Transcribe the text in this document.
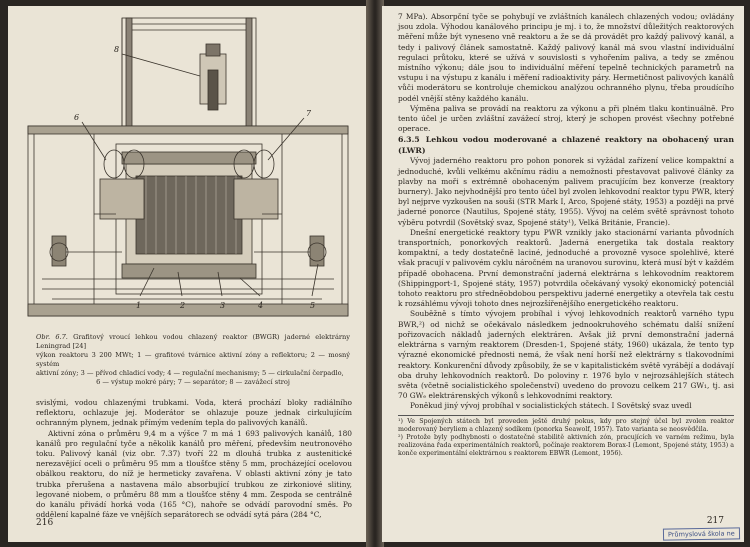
8
6	7
1	2	3	4	5
Obr. 6.7. Grafitový vroucí lehkou vodou chlazený reaktor (BWGR) jaderné elektrárny Leningrad [24]
výkon reaktoru 3 200 MWt; 1 — grafitové tvárnice aktivní zóny a reflektoru; 2 — mosný systém
aktivní zóny; 3 — přívod chladicí vody; 4 — regulační mechanismy; 5 — cirkulační čerpadlo,
6 — výstup mokré páry; 7 — separátor; 8 — zavážecí stroj

svislými, vodou chlazenými trubkami. Voda, která prochází bloky radiálního reflektoru, ochlazuje jej. Moderátor se ohlazuje pouze jednak cirkulujícím ochranným plynem, jednak přímým vedením tepla do palivových kanálů.

Aktivní zóna o průměru 9,4 m a výšce 7 m má 1 693 palivových kanálů, 180 kanálů pro regulační tyče a několik kanálů pro měření, především neutronového toku. Palivový kanál (viz obr. 7.37) tvoří 22 m dlouhá trubka z austenitické nerezavějící oceli o průměru 95 mm a tloušťce stěny 5 mm, procházející ocelovou obálkou reaktoru, do níž je hermeticky zavařena. V oblasti aktivní zóny je tato trubka přerušena a nastavena málo absorbující trubkou ze zirkoniové slitiny, legované niobem, o průměru 88 mm a tloušťce stěny 4 mm. Zespoda se centrálně do kanálu přivádí horká voda (165 °C), nahoře se odvádí parovodní směs. Po oddělení kapalné fáze ve vnějších separátorech se odvádí sytá pára (284 °C,

216

7 MPa). Absorpční tyče se pohybují ve zvláštních kanálech chlazených vodou; ovládány jsou zdola. Výhodou kanálového principu je mj. i to, že množství důležitých reaktorových měření může být vyneseno vně reaktoru a že se dá provádět pro každý palivový kanál, a tedy i palivový článek samostatně. Každý palivový kanál má svou vlastní individuální regulaci průtoku, které se užívá v souvislosti s vyhořením paliva, a tedy se změnou místního výkonu; dále jsou to individuální měření tepelně technických parametrů na vstupu i na výstupu z kanálu i měření radioaktivity páry. Hermetičnost palivových kanálů vůči moderátoru se kontroluje chemickou analýzou ochranného plynu, třeba proudícího podél vnější stěny každého kanálu.

Výměna paliva se provádí na reaktoru za výkonu a při plném tlaku kontinuálně. Pro tento účel je určen zvláštní zavážecí stroj, který je schopen provést všechny potřebné operace.

6.3.5 Lehkou vodou moderované a chlazené reaktory na obohacený uran (LWR)

Vývoj jaderného reaktoru pro pohon ponorek si vyžádal zařízení velice kompaktní a jednoduché, kvůli velkému akčnímu rádiu a nemožnosti přestavovat palivové články za plavby na moři s extrémně obohaceným palivem pracujícím bez konverze (reaktory burnery). Jako nejvhodnější pro tento účel byl zvolen lehkovodní reaktor typu PWR, který byl nejprve vyzkoušen na souši (STR Mark I, Arco, Spojené státy, 1953) a později na prvé jaderné ponorce (Nautilus, Spojené státy, 1955). Vývoj na celém světě správnost tohoto výběru potvrdil (Sovětský svaz, Spojené státy¹), Velká Británie, Francie).

Dnešní energetické reaktory typu PWR vznikly jako stacionární varianta původních transportních, ponorkových reaktorů. Jaderná energetika tak dostala reaktory kompaktní, a tedy dostatečně laciné, jednoduché a provozně vysoce spolehlivé, které však pracují v palivovém cyklu náročném na uranovou surovinu, která musí být v každém případě obohacena. První demonstrační jaderná elektrárna s lehkovodním reaktorem (Shippingport-1, Spojené státy, 1957) potvrdila očekávaný vysoký ekonomický potenciál tohoto reaktoru pro středněobdobou perspektivu jaderné energetiky a otevřela tak cestu k rozsáhlému vývoji tohoto dnes nejrozšířenějšího energetického reaktoru.

Souběžně s tímto vývojem probíhal i vývoj lehkovodních reaktorů varného typu BWR,²) od nichž se očekávalo následkem jednookruhového schématu další snížení pořizovacích nákladů jaderných elektráren. Avšak již první demonstrační jaderná elektrárna s varným reaktorem (Dresden-1, Spojené státy, 1960) ukázala, že tento typ výrazné ekonomické přednosti nemá, že však není horší než elektrárny s tlakovodními reaktory. Konkurenční důvody způsobily, že se v kapitalistickém světě vyrábějí a dodávají oba druhy lehkovodních reaktorů. Do poloviny r. 1976 bylo v nejrozsáhlejších státech světa (včetně socialistického společenství) uvedeno do provozu celkem 217 GW₁, tj. asi 70 GWₑ elektrárenských výkonů s lehkovodními reaktory.

Poněkud jiný vývoj probíhal v socialistických státech. I Sovětský svaz uvedl

¹) Ve Spojených státech byl proveden ještě druhý pokus, kdy pro stejný účel byl zvolen reaktor moderovaný beryliem a chlazený sodíkem (ponorka Seawolf, 1957). Tato varianta se neosvědčila.

²) Protože byly podhybnosti o dostatečné stabilitě aktivních zón, pracujících ve varném režimu, byla realizována řada experimentálních reaktorů, počínaje reaktorem Borax-I (Lemont, Spojené státy, 1953) a konče experimentální elektrárnou s reaktorem EBWR (Lemont, 1956).

217
Průmyslová škola ne
